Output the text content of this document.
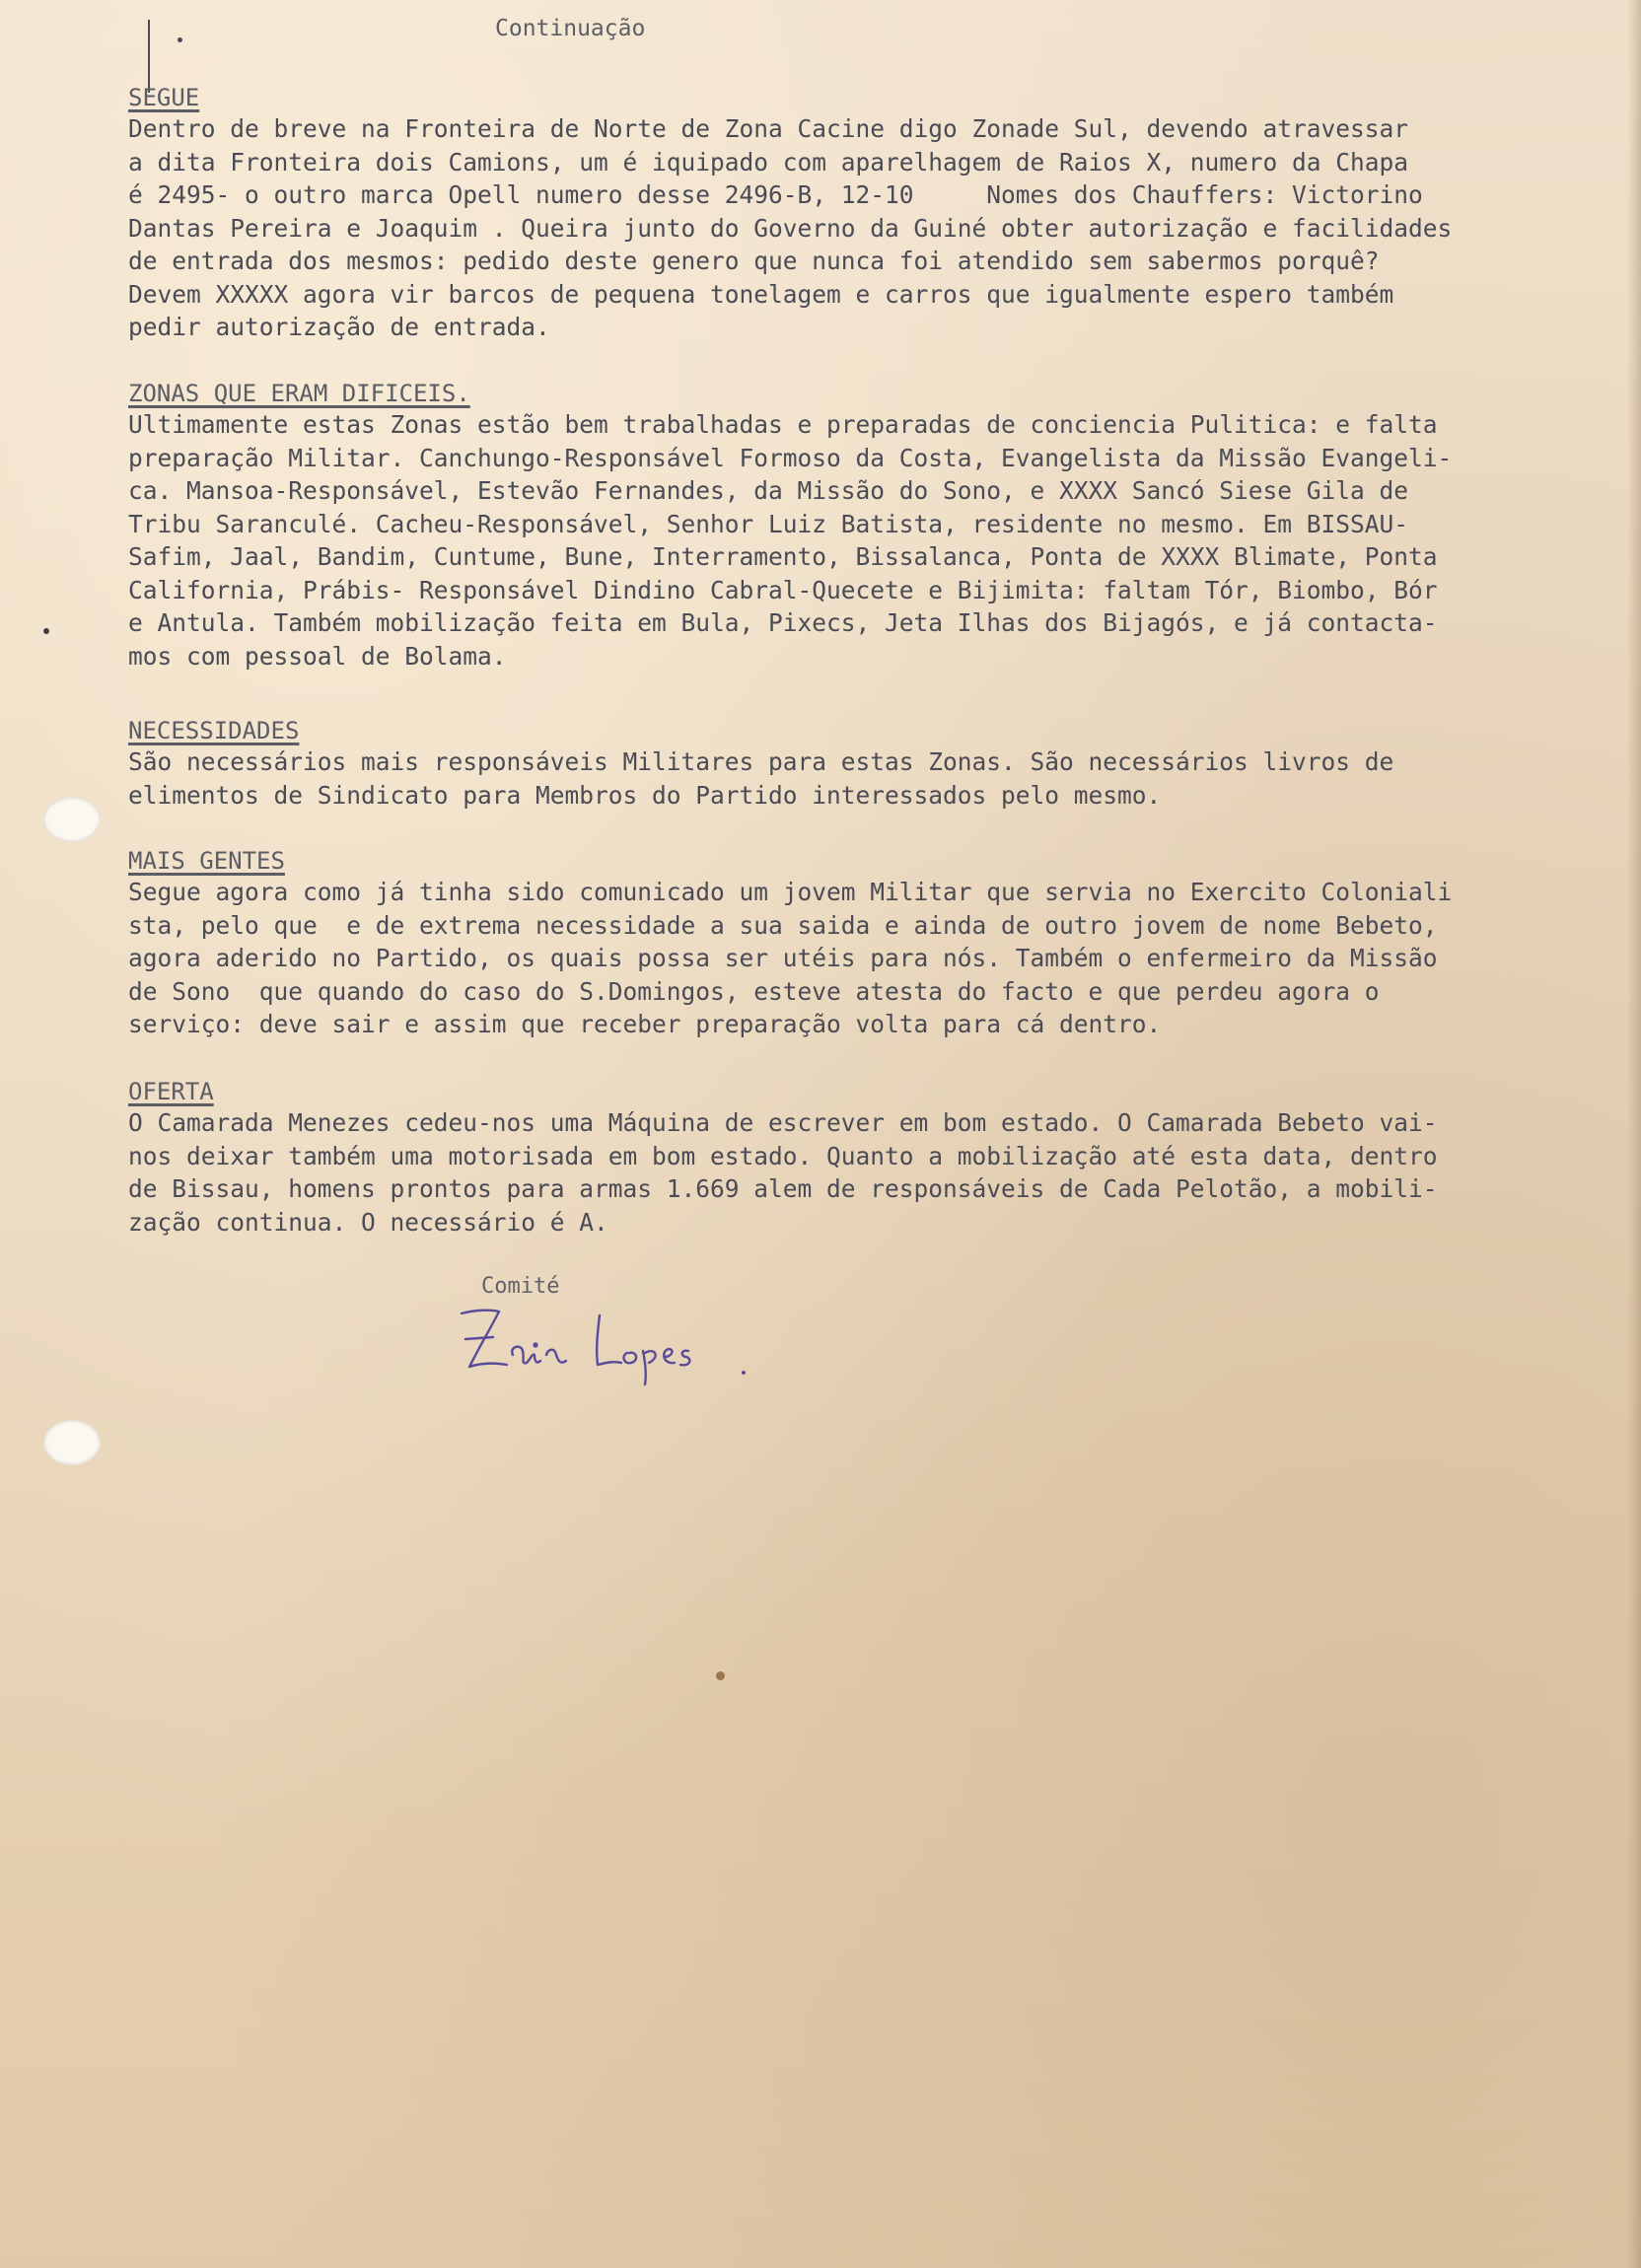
Continuação
SEGUE

Dentro de breve na Fronteira de Norte de Zona Cacine digo Zonade Sul, devendo atravessar
a dita Fronteira dois Camions, um é iquipado com aparelhagem de Raios X, numero da Chapa
é 2495- o outro marca Opell numero desse 2496-B, 12-10     Nomes dos Chauffers: Victorino
Dantas Pereira e Joaquim . Queira junto do Governo da Guiné obter autorização e facilidades
de entrada dos mesmos: pedido deste genero que nunca foi atendido sem sabermos porquê?
Devem XXXXX agora vir barcos de pequena tonelagem e carros que igualmente espero também
pedir autorização de entrada.

ZONAS QUE ERAM DIFICEIS.

Ultimamente estas Zonas estão bem trabalhadas e preparadas de conciencia Pulitica: e falta
preparação Militar. Canchungo-Responsável Formoso da Costa, Evangelista da Missão Evangeli-
ca. Mansoa-Responsável, Estevão Fernandes, da Missão do Sono, e XXXX Sancó Siese Gila de
Tribu Saranculé. Cacheu-Responsável, Senhor Luiz Batista, residente no mesmo. Em BISSAU-
Safim, Jaal, Bandim, Cuntume, Bune, Interramento, Bissalanca, Ponta de XXXX Blimate, Ponta
California, Prábis- Responsável Dindino Cabral-Quecete e Bijimita: faltam Tór, Biombo, Bór
e Antula. Também mobilização feita em Bula, Pixecs, Jeta Ilhas dos Bijagós, e já contacta-
mos com pessoal de Bolama.

NECESSIDADES

São necessários mais responsáveis Militares para estas Zonas. São necessários livros de
elimentos de Sindicato para Membros do Partido interessados pelo mesmo.

MAIS GENTES

Segue agora como já tinha sido comunicado um jovem Militar que servia no Exercito Coloniali
sta, pelo que  e de extrema necessidade a sua saida e ainda de outro jovem de nome Bebeto,
agora aderido no Partido, os quais possa ser utéis para nós. Também o enfermeiro da Missão
de Sono  que quando do caso do S.Domingos, esteve atesta do facto e que perdeu agora o
serviço: deve sair e assim que receber preparação volta para cá dentro.

OFERTA

O Camarada Menezes cedeu-nos uma Máquina de escrever em bom estado. O Camarada Bebeto vai-
nos deixar também uma motorisada em bom estado. Quanto a mobilização até esta data, dentro
de Bissau, homens prontos para armas 1.669 alem de responsáveis de Cada Pelotão, a mobili-
zação continua. O necessário é A.

Comité
